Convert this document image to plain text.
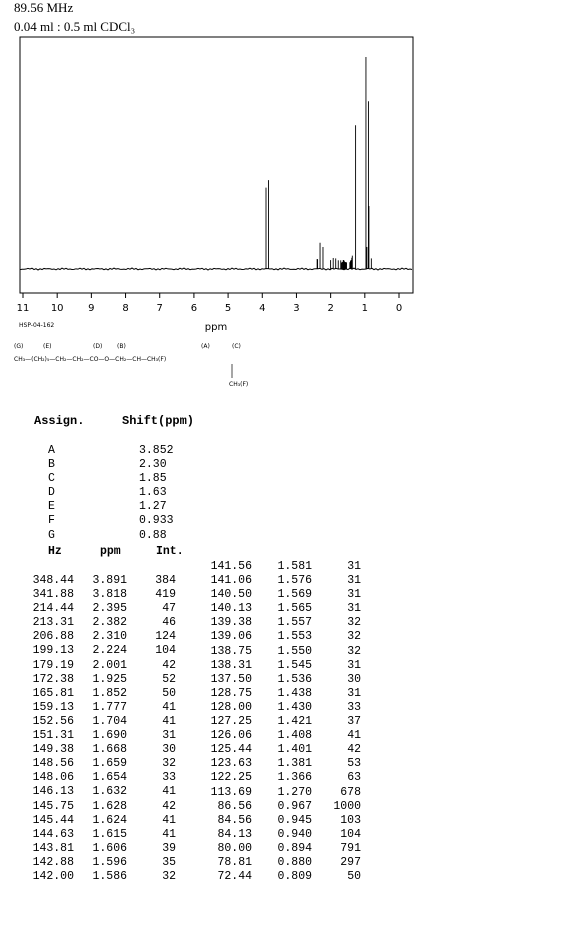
89.56 MHz
0.04 ml : 0.5 ml CDCl₃
11 10 9	8	7	6	5	4	3	2	1	0
ppm
HSP-04-162
(G)	(E)	(D) (B)	(A)	(C)
CH₃—(CH₂)₅—CH₂—CH₂—CO—O—CH₂—CH—CH₃(F)
CH₃(F)
Assign.	Shift(ppm)
A	3.852
B	2.30
C	1.85
D	1.63
E	1.27
F	0.933
G	0.88
Hz	ppm	Int.
348.44	3.891	384
341.88	3.818	419
214.44	2.395	47
213.31	2.382	46
206.88	2.310	124
199.13	2.224	104
179.19	2.001	42
172.38	1.925	52
165.81	1.852	50
159.13	1.777	41
152.56	1.704	41
151.31	1.690	31
149.38	1.668	30
148.56	1.659	32
148.06	1.654	33
146.13	1.632	41
145.75	1.628	42
145.44	1.624	41
144.63	1.615	41
143.81	1.606	39
142.88	1.596	35
142.00	1.586	32
141.56	1.581	31
141.06	1.576	31
140.50	1.569	31
140.13	1.565	31
139.38	1.557	32
139.06	1.553	32
138.75	1.550	32
138.31	1.545	31
137.50	1.536	30
128.75	1.438	31
128.00	1.430	33
127.25	1.421	37
126.06	1.408	41
125.44	1.401	42
123.63	1.381	53
122.25	1.366	63
113.69	1.270	678
86.56	0.967	1000
84.56	0.945	103
84.13	0.940	104
80.00	0.894	791
78.81	0.880	297
72.44	0.809	50
